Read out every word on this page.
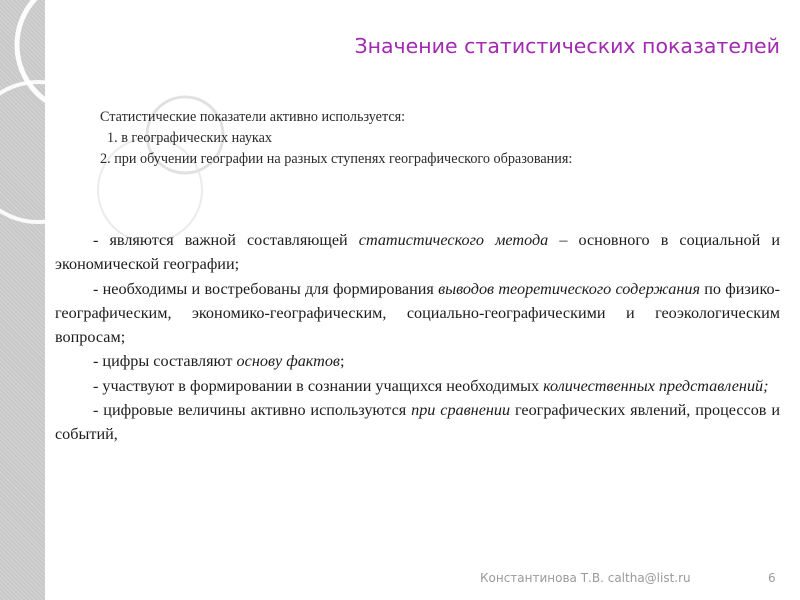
Значение статистических показателей
Статистические показатели активно используется:
1. в географических науках
2. при обучении географии на разных ступенях географического образования:

- являются важной составляющей статистического метода – основного в социальной и экономической географии;

- необходимы и востребованы для формирования выводов теоретического содержания по физико-географическим, экономико-географическим, социально-географическими и геоэкологическим вопросам;

- цифры составляют основу фактов;

- участвуют в формировании в сознании учащихся необходимых количественных представлений;

- цифровые величины активно используются при сравнении географических явлений, процессов и событий,

Константинова Т.В. caltha@list.ru	6
